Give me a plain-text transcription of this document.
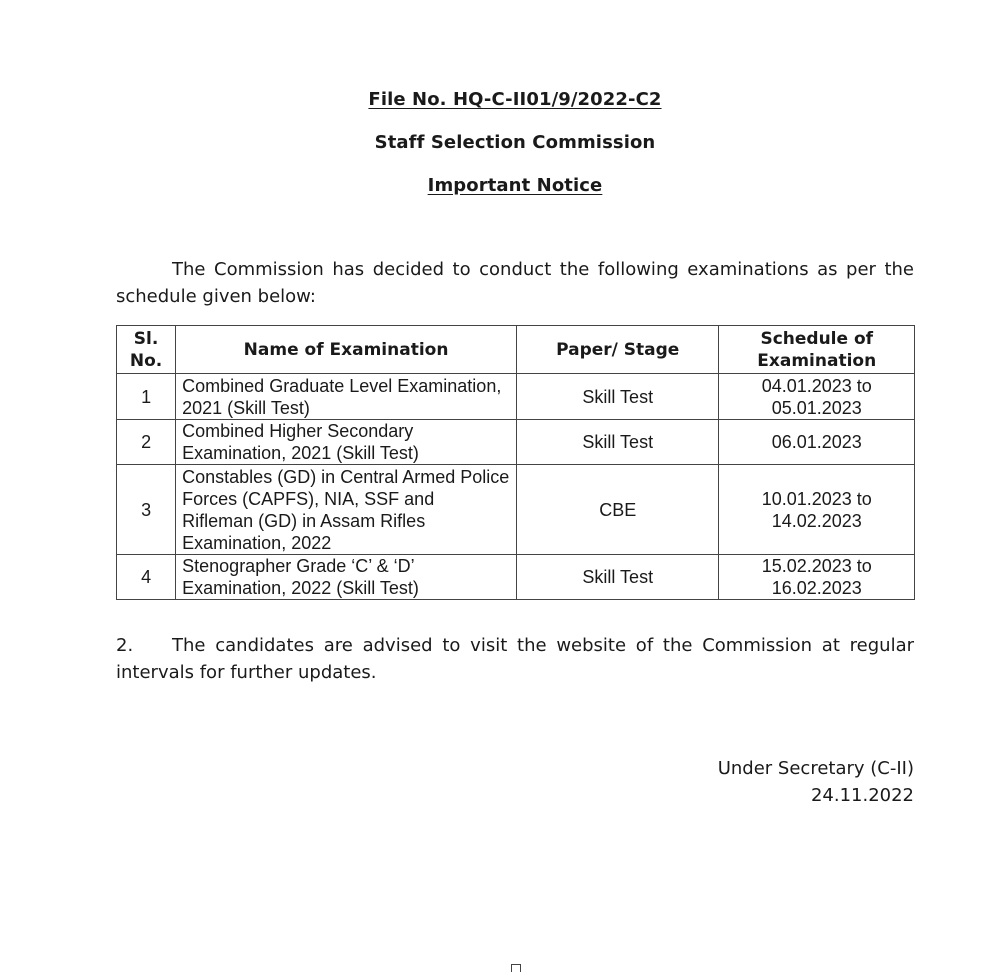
File No. HQ-C-II01/9/2022-C2
Staff Selection Commission
Important Notice
The Commission has decided to conduct the following examinations as per the schedule given below:
Sl. No.	Name of Examination	Paper/ Stage	Schedule of Examination
1	Combined Graduate Level Examination, 2021 (Skill Test)	Skill Test	04.01.2023 to 05.01.2023
2	Combined Higher Secondary Examination, 2021 (Skill Test)	Skill Test	06.01.2023
3	Constables (GD) in Central Armed Police Forces (CAPFS), NIA, SSF and Rifleman (GD) in Assam Rifles Examination, 2022	CBE	10.01.2023 to 14.02.2023
4	Stenographer Grade ‘C’ & ‘D’ Examination, 2022 (Skill Test)	Skill Test	15.02.2023 to 16.02.2023
2. The candidates are advised to visit the website of the Commission at regular intervals for further updates.
Under Secretary (C-II)
24.11.2022
